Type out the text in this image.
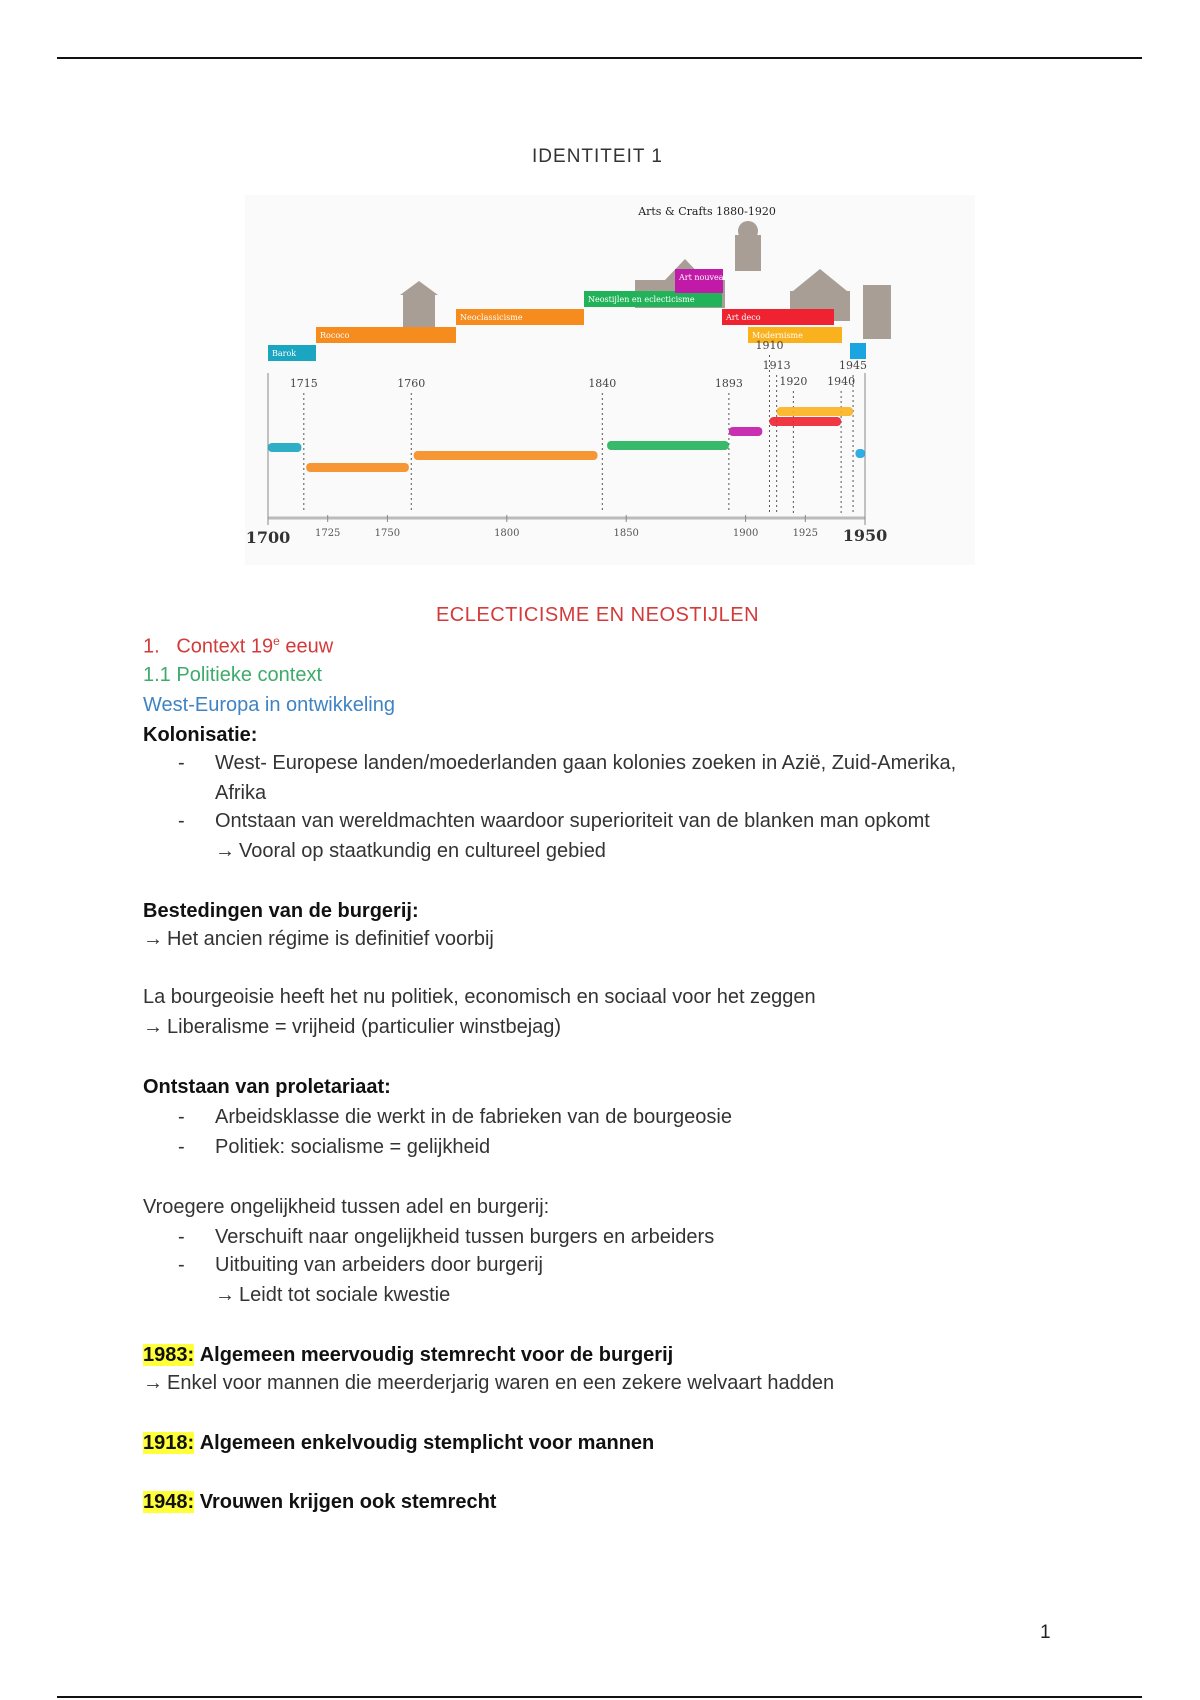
IDENTITEIT 1
Arts & Crafts 1880-1920
Barok
Rococo
Neoclassicisme
Neostijlen en eclecticisme
Art nouveau
Art deco
Modernisme
1715	1760	1840	1893
1910
1913
1920 1940
1945
1725	1750	1800	1850	1900	1925
1700	1950
ECLECTICISME EN NEOSTIJLEN
1. Context 19e eeuw
1.1 Politieke context
West-Europa in ontwikkeling
Kolonisatie:
- West- Europese landen/moederlanden gaan kolonies zoeken in Azië, Zuid-Amerika,
Afrika
- Ontstaan van wereldmachten waardoor superioriteit van de blanken man opkomt
→ Vooral op staatkundig en cultureel gebied
Bestedingen van de burgerij:
→ Het ancien régime is definitief voorbij
La bourgeoisie heeft het nu politiek, economisch en sociaal voor het zeggen
→ Liberalisme = vrijheid (particulier winstbejag)
Ontstaan van proletariaat:
- Arbeidsklasse die werkt in de fabrieken van de bourgeosie
- Politiek: socialisme = gelijkheid
Vroegere ongelijkheid tussen adel en burgerij:
- Verschuift naar ongelijkheid tussen burgers en arbeiders
- Uitbuiting van arbeiders door burgerij
→ Leidt tot sociale kwestie
1983: Algemeen meervoudig stemrecht voor de burgerij
→ Enkel voor mannen die meerderjarig waren en een zekere welvaart hadden
1918: Algemeen enkelvoudig stemplicht voor mannen
1948: Vrouwen krijgen ook stemrecht
1
